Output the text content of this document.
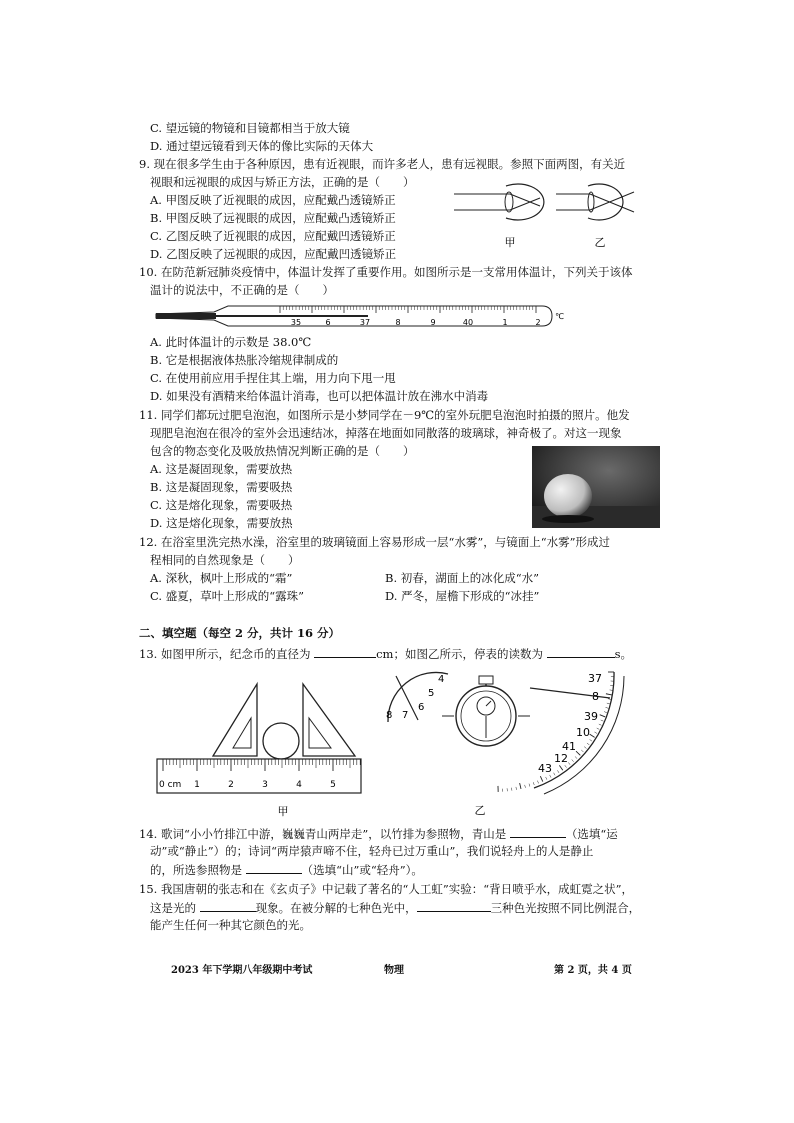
C. 望远镜的物镜和目镜都相当于放大镜
D. 通过望远镜看到天体的像比实际的天体大
9. 现在很多学生由于各种原因，患有近视眼，而许多老人，患有远视眼。参照下面两图，有关近
视眼和远视眼的成因与矫正方法，正确的是（　　）
A. 甲图反映了近视眼的成因，应配戴凸透镜矫正
B. 甲图反映了远视眼的成因，应配戴凸透镜矫正
C. 乙图反映了近视眼的成因，应配戴凹透镜矫正
D. 乙图反映了远视眼的成因，应配戴凹透镜矫正
甲	乙
10. 在防范新冠肺炎疫情中，体温计发挥了重要作用。如图所示是一支常用体温计，下列关于该体
温计的说法中，不正确的是（　　）
35	6	37	8	9	40	1	2
℃
A. 此时体温计的示数是 38.0℃
B. 它是根据液体热胀冷缩规律制成的
C. 在使用前应用手捏住其上端，用力向下甩一甩
D. 如果没有酒精来给体温计消毒，也可以把体温计放在沸水中消毒
11. 同学们都玩过肥皂泡泡，如图所示是小梦同学在－9℃的室外玩肥皂泡泡时拍摄的照片。他发
现肥皂泡泡在很冷的室外会迅速结冰，掉落在地面如同散落的玻璃球，神奇极了。对这一现象
包含的物态变化及吸放热情况判断正确的是（　　）
A. 这是凝固现象，需要放热
B. 这是凝固现象，需要吸热
C. 这是熔化现象，需要吸热
D. 这是熔化现象，需要放热
12. 在浴室里洗完热水澡，浴室里的玻璃镜面上容易形成一层“水雾”，与镜面上“水雾”形成过
程相同的自然现象是（　　）
A. 深秋，枫叶上形成的“霜”	B. 初春，湖面上的冰化成“水”
C. 盛夏，草叶上形成的“露珠”	D. 严冬，屋檐下形成的“冰挂”
二、填空题（每空 2 分，共计 16 分）
13. 如图甲所示，纪念币的直径为	cm；如图乙所示，停表的读数为	s。
0 cm 1	2	3	4	5
甲
4
5
6
7
8
37
8
39
10
41
12
43
乙
14. 歌词“小小竹排江中游，巍巍青山两岸走”，以竹排为参照物，青山是	（选填“运
动”或“静止”）的；诗词“两岸猿声啼不住，轻舟已过万重山”，我们说轻舟上的人是静止
的，所选参照物是	（选填“山”或“轻舟”）。
15. 我国唐朝的张志和在《玄贞子》中记载了著名的“人工虹”实验：“背日喷乎水，成虹霓之状”，
这是光的	现象。在被分解的七种色光中，	三种色光按照不同比例混合，
能产生任何一种其它颜色的光。
2023 年下学期八年级期中考试	物理	第 2 页，共 4 页
